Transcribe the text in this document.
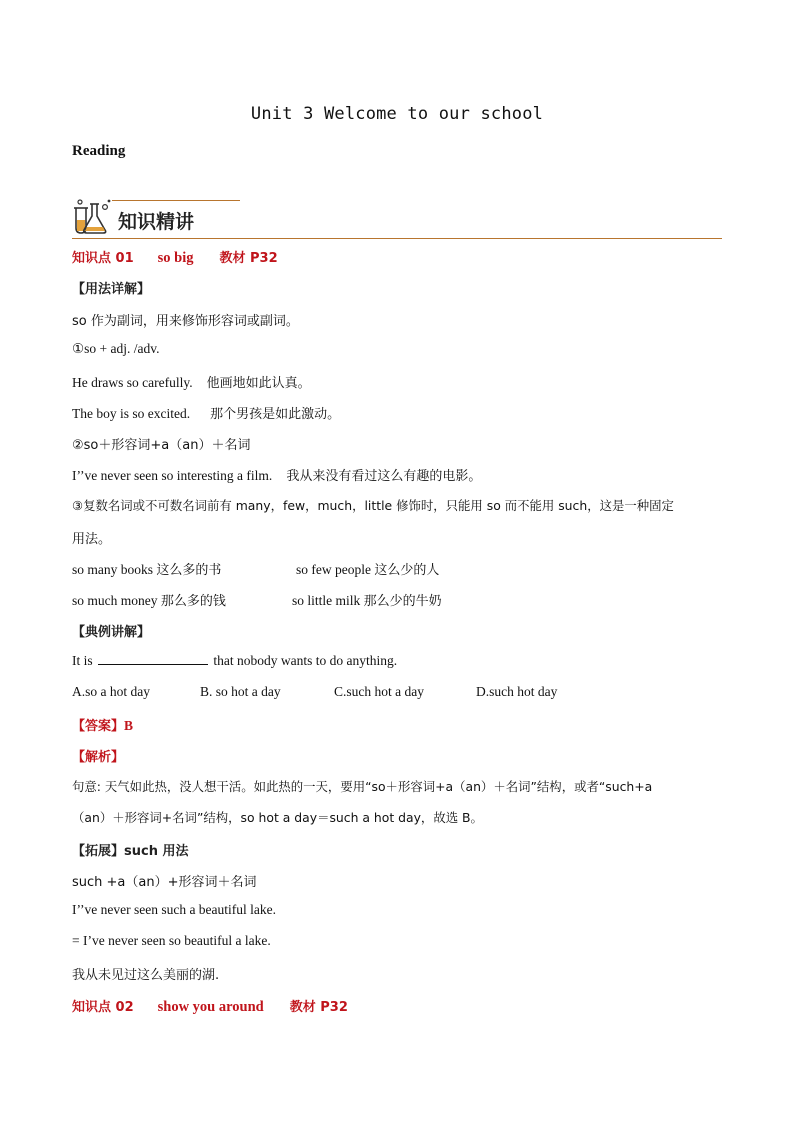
Unit 3 Welcome to our school
Reading
知识精讲
知识点 01 so big 教材 P32
【用法详解】
so 作为副词，用来修饰形容词或副词。
①so + adj. /adv.
He draws so carefully. 他画地如此认真。
The boy is so excited. 那个男孩是如此激动。
②so＋形容词+a（an）＋名词
I’’ve never seen so interesting a film. 我从来没有看过这么有趣的电影。
③复数名词或不可数名词前有 many，few，much，little 修饰时，只能用 so 而不能用 such，这是一种固定
用法。
so many books 这么多的书	so few people 这么少的人
so much money 那么多的钱	so little milk 那么少的牛奶
【典例讲解】
It is	that nobody wants to do anything.
A.so a hot day	B. so hot a day	C.such hot a day	D.such hot day
【答案】B
【解析】
句意: 天气如此热，没人想干活。如此热的一天，要用“so＋形容词+a（an）＋名词”结构，或者“such+a
（an）＋形容词+名词”结构，so hot a day＝such a hot day，故选 B。
【拓展】such 用法
such +a（an）+形容词＋名词
I’’ve never seen such a beautiful lake.
= I’ve never seen so beautiful a lake.
我从未见过这么美丽的湖.
知识点 02 show you around 教材 P32
